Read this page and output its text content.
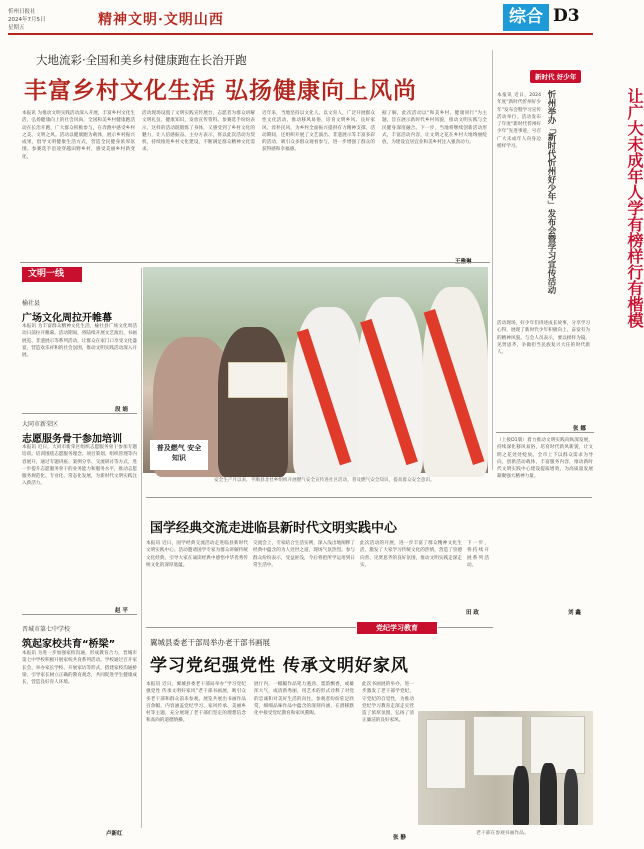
忻州日报社
2024年7月5日
星期五	精神文明·文明山西	综合 D3
大地流彩·全国和美乡村健康跑在长治开跑
丰富乡村文化生活 弘扬健康向上风尚
本报讯 为推动文明实践活动深入开展，丰富乡村文化生活，弘扬健康向上的社会风尚，全国和美乡村健康跑活动在长治开跑，广大群众积极参与，在奔跑中感受乡村之美、文明之风。活动以健康跑为载体，展示乡村振兴成果，倡导文明健康生活方式，营造全民健身浓厚氛围。参赛选手沿途穿越田野乡村，感受美丽乡村新变化。
活动现场设置了文明实践宣传展台，志愿者为群众讲解文明礼仪、健康知识，发放宣传资料。参赛选手纷纷表示，这样的活动既锻炼了身体，又感受到了乡村文化的魅力，让人倍感振奋。主办方表示，将以此次活动为契机，持续推进乡村文化建设，不断满足群众精神文化需求。
近年来，当地坚持以文化人、以文育人，广泛开展群众性文化活动，推动移风易俗，培育文明乡风、良好家风、淳朴民风，为乡村全面振兴提供有力精神支撑。活动期间，还组织开展了文艺演出、非遗展示等丰富多彩的活动，吸引众多群众观看参与，进一步增强了群众的获得感和幸福感。
据了解，此次活动以“和美乡村、健康同行”为主题，旨在展示新时代乡村风貌，推动文明实践与全民健身深度融合。下一步，当地将继续创新活动形式，丰富活动内容，让文明之花在乡村大地绚丽绽放，为建设宜居宜业和美乡村注入强劲动力。
新时代 好少年
让广大未成年人学有榜样行有楷模
忻州举办「新时代忻州好少年」发布会暨学习宣传活动
本报讯 近日，2024年度“新时代忻州好少年”发布会暨学习宣传活动举行。活动发布了年度“新时代忻州好少年”先进事迹，号召广大未成年人向身边榜样学习。
活动现场，好少年们讲述成长故事，分享学习心得，展现了新时代少年积极向上、奋发有为的精神风貌。与会人员表示，要以榜样为镜，见贤思齐，争做担当民族复兴大任的时代新人。
张 娜
（上接D1版）着力推动文明实践向纵深发展，持续深化移风易俗，培育时代新风新貌，让文明之花处处绽放。全市上下以群众需求为导向，创新活动载体，丰富服务内容，推动新时代文明实践中心建设提质增效，为高质量发展凝聚强大精神力量。
刘 鑫
文明一线
榆社县
广场文化周拉开帷幕
本报讯 为丰富群众精神文化生活，榆社县广场文化周活动日前拉开帷幕。活动期间，将陆续开展文艺演出、书画展览、非遗展示等系列活动，让群众在家门口享受文化盛宴，营造欢乐祥和的社会氛围，推动文明实践活动深入开展。
段 娟
大同市新荣区
志愿服务骨干参加培训
本报讯 近日，大同市新荣区组织志愿服务骨干参加专题培训。培训围绕志愿服务理念、项目策划、组织管理等内容展开，通过专题讲座、案例分享、交流研讨等方式，进一步提升志愿服务骨干的业务能力和服务水平，推动志愿服务规范化、专业化、常态化发展，为新时代文明实践注入新活力。
赵 平
晋城市第七中学校
筑起家校共育“桥梁”
本报讯 为进一步加强家校沟通，形成教育合力，晋城市第七中学校积极开展家校共育系列活动。学校通过召开家长会、举办家长学校、开展家访等形式，搭建家校沟通桥梁，引导家长树立正确的教育观念，共同促进学生健康成长，营造良好育人环境。
卢新红
普及燃气 安全知识
安全生产月以来，平顺县北社乡组织开展燃气安全宣传进社区活动，普及燃气安全知识，提高群众安全意识。
国学经典交流走进临县新时代文明实践中心
本报讯 近日，国学经典交流活动走进临县新时代文明实践中心。活动邀请国学专家为群众讲解传统文化经典，引导大家在诵读经典中感悟中华优秀传统文化的深厚底蕴。
交流会上，专家结合生活实例，深入浅出地阐释了经典中蕴含的为人处世之道，现场气氛热烈。参与群众纷纷表示，受益匪浅，今后将把所学运用到日常生活中。
此次活动的开展，进一步丰富了群众精神文化生活，激发了大家学习传统文化的热情，营造了崇德向善、见贤思齐的良好氛围，推动文明实践走深走实。
下一步，将持续开展系列活动。
田 政
党纪学习教育
翼城县委老干部局举办老干部书画展
学习党纪强党性 传承文明好家风
本报讯 近日，翼城县委老干部局举办“学习党纪强党性 传承文明好家风”老干部书画展，吸引众多老干部和群众前来参观。展览共展出书画作品百余幅，内容涵盖党纪学习、家风传承、美丽乡村等主题，充分展现了老干部们坚定的理想信念和高尚的道德情操。
展厅内，一幅幅作品笔力遒劲、墨韵飘香，或雄浑大气，或清新秀丽，用艺术的形式诠释了对党的忠诚和对美好生活的向往。参观者纷纷驻足欣赏，细细品味作品中蕴含的深刻内涵，在潜移默化中接受党纪教育和家风熏陶。
此次书画展的举办，进一步激发了老干部学党纪、守党纪的自觉性，为推动党纪学习教育走深走实营造了浓厚氛围，弘扬了清正廉洁的良好家风。
张 静
老干部在参观书画作品。
